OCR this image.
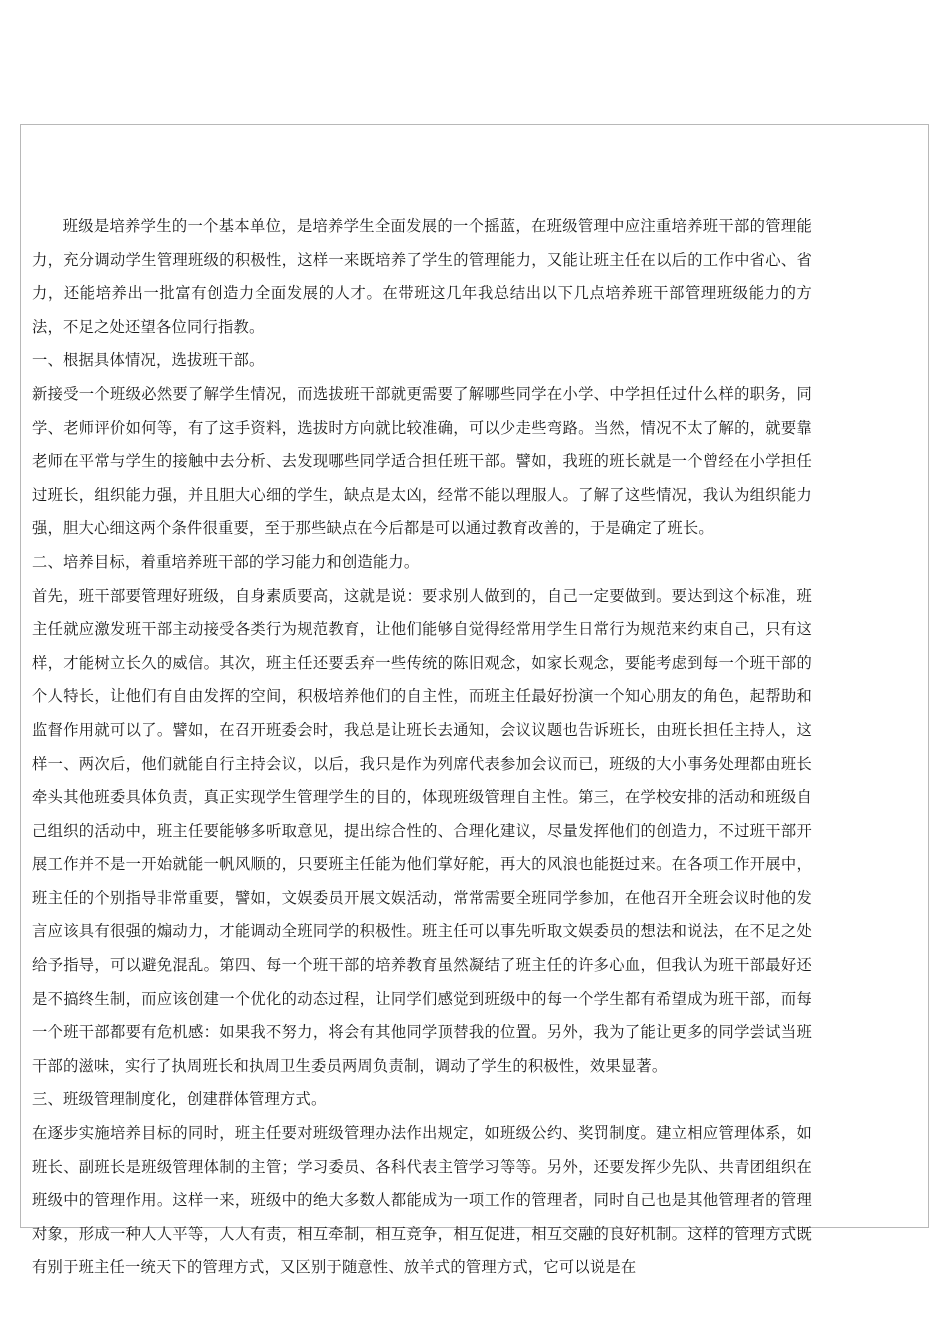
班级是培养学生的一个基本单位，是培养学生全面发展的一个摇蓝，在班级管理中应注重培养班干部的管理能力，充分调动学生管理班级的积极性，这样一来既培养了学生的管理能力，又能让班主任在以后的工作中省心、省力，还能培养出一批富有创造力全面发展的人才。在带班这几年我总结出以下几点培养班干部管理班级能力的方法，不足之处还望各位同行指教。

一、根据具体情况，选拔班干部。

新接受一个班级必然要了解学生情况，而选拔班干部就更需要了解哪些同学在小学、中学担任过什么样的职务，同学、老师评价如何等，有了这手资料，选拔时方向就比较准确，可以少走些弯路。当然，情况不太了解的，就要靠老师在平常与学生的接触中去分析、去发现哪些同学适合担任班干部。譬如，我班的班长就是一个曾经在小学担任过班长，组织能力强，并且胆大心细的学生，缺点是太凶，经常不能以理服人。了解了这些情况，我认为组织能力强，胆大心细这两个条件很重要，至于那些缺点在今后都是可以通过教育改善的，于是确定了班长。

二、培养目标，着重培养班干部的学习能力和创造能力。

首先，班干部要管理好班级，自身素质要高，这就是说：要求别人做到的，自己一定要做到。要达到这个标准，班主任就应激发班干部主动接受各类行为规范教育，让他们能够自觉得经常用学生日常行为规范来约束自己，只有这样，才能树立长久的威信。其次，班主任还要丢弃一些传统的陈旧观念，如家长观念，要能考虑到每一个班干部的个人特长，让他们有自由发挥的空间，积极培养他们的自主性，而班主任最好扮演一个知心朋友的角色，起帮助和监督作用就可以了。譬如，在召开班委会时，我总是让班长去通知，会议议题也告诉班长，由班长担任主持人，这样一、两次后，他们就能自行主持会议，以后，我只是作为列席代表参加会议而已，班级的大小事务处理都由班长牵头其他班委具体负责，真正实现学生管理学生的目的，体现班级管理自主性。第三，在学校安排的活动和班级自己组织的活动中，班主任要能够多听取意见，提出综合性的、合理化建议，尽量发挥他们的创造力，不过班干部开展工作并不是一开始就能一帆风顺的，只要班主任能为他们掌好舵，再大的风浪也能挺过来。在各项工作开展中，班主任的个别指导非常重要，譬如，文娱委员开展文娱活动，常常需要全班同学参加，在他召开全班会议时他的发言应该具有很强的煽动力，才能调动全班同学的积极性。班主任可以事先听取文娱委员的想法和说法，在不足之处给予指导，可以避免混乱。第四、每一个班干部的培养教育虽然凝结了班主任的许多心血，但我认为班干部最好还是不搞终生制，而应该创建一个优化的动态过程，让同学们感觉到班级中的每一个学生都有希望成为班干部，而每一个班干部都要有危机感：如果我不努力，将会有其他同学顶替我的位置。另外，我为了能让更多的同学尝试当班干部的滋味，实行了执周班长和执周卫生委员两周负责制，调动了学生的积极性，效果显著。

三、班级管理制度化，创建群体管理方式。

在逐步实施培养目标的同时，班主任要对班级管理办法作出规定，如班级公约、奖罚制度。建立相应管理体系，如班长、副班长是班级管理体制的主管；学习委员、各科代表主管学习等等。另外，还要发挥少先队、共青团组织在班级中的管理作用。这样一来，班级中的绝大多数人都能成为一项工作的管理者，同时自己也是其他管理者的管理对象，形成一种人人平等，人人有责，相互牵制，相互竞争，相互促进，相互交融的良好机制。这样的管理方式既有别于班主任一统天下的管理方式，又区别于随意性、放羊式的管理方式，它可以说是在
